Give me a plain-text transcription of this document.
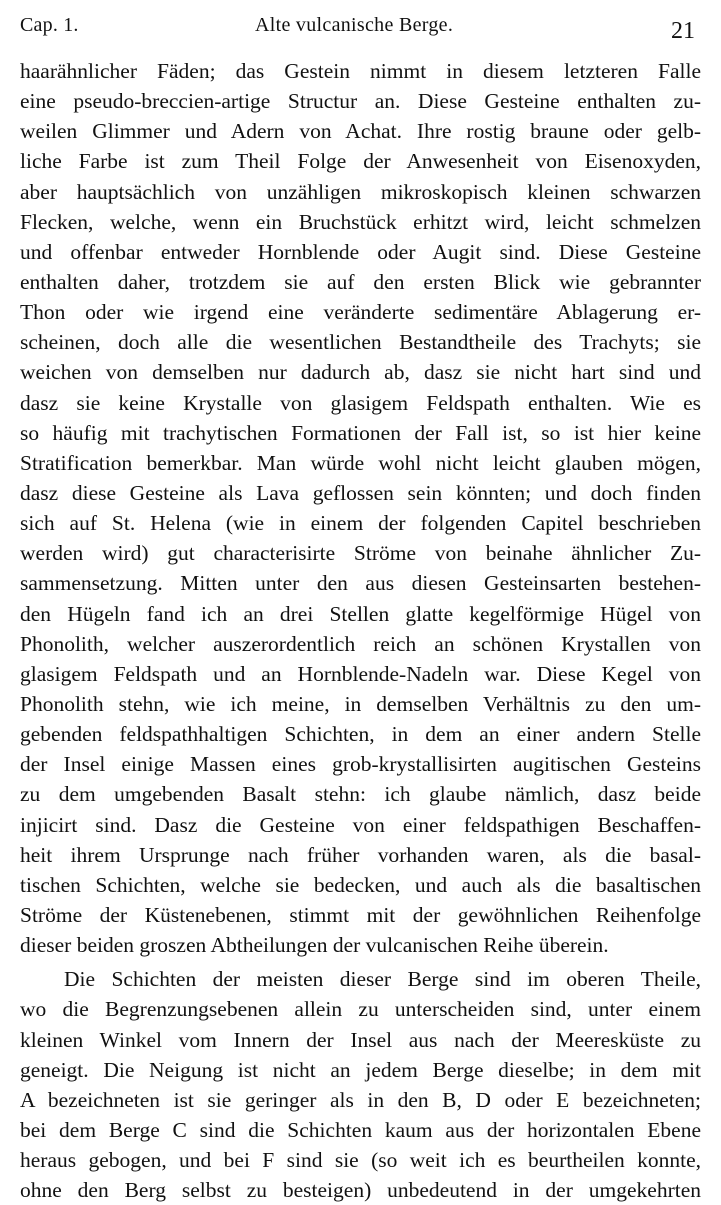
Cap. 1.	Alte vulcanische Berge.	21
haarähnlicher Fäden; das Gestein nimmt in diesem letzteren Falle
eine pseudo-breccien-artige Structur an. Diese Gesteine enthalten zu-
weilen Glimmer und Adern von Achat. Ihre rostig braune oder gelb-
liche Farbe ist zum Theil Folge der Anwesenheit von Eisenoxyden,
aber hauptsächlich von unzähligen mikroskopisch kleinen schwarzen
Flecken, welche, wenn ein Bruchstück erhitzt wird, leicht schmelzen
und offenbar entweder Hornblende oder Augit sind. Diese Gesteine
enthalten daher, trotzdem sie auf den ersten Blick wie gebrannter
Thon oder wie irgend eine veränderte sedimentäre Ablagerung er-
scheinen, doch alle die wesentlichen Bestandtheile des Trachyts; sie
weichen von demselben nur dadurch ab, dasz sie nicht hart sind und
dasz sie keine Krystalle von glasigem Feldspath enthalten. Wie es
so häufig mit trachytischen Formationen der Fall ist, so ist hier keine
Stratification bemerkbar. Man würde wohl nicht leicht glauben mögen,
dasz diese Gesteine als Lava geflossen sein könnten; und doch finden
sich auf St. Helena (wie in einem der folgenden Capitel beschrieben
werden wird) gut characterisirte Ströme von beinahe ähnlicher Zu-
sammensetzung. Mitten unter den aus diesen Gesteinsarten bestehen-
den Hügeln fand ich an drei Stellen glatte kegelförmige Hügel von
Phonolith, welcher auszerordentlich reich an schönen Krystallen von
glasigem Feldspath und an Hornblende-Nadeln war. Diese Kegel von
Phonolith stehn, wie ich meine, in demselben Verhältnis zu den um-
gebenden feldspathhaltigen Schichten, in dem an einer andern Stelle
der Insel einige Massen eines grob-krystallisirten augitischen Gesteins
zu dem umgebenden Basalt stehn: ich glaube nämlich, dasz beide
injicirt sind. Dasz die Gesteine von einer feldspathigen Beschaffen-
heit ihrem Ursprunge nach früher vorhanden waren, als die basal-
tischen Schichten, welche sie bedecken, und auch als die basaltischen
Ströme der Küstenebenen, stimmt mit der gewöhnlichen Reihenfolge
dieser beiden groszen Abtheilungen der vulcanischen Reihe überein.
Die Schichten der meisten dieser Berge sind im oberen Theile,
wo die Begrenzungsebenen allein zu unterscheiden sind, unter einem
kleinen Winkel vom Innern der Insel aus nach der Meeresküste zu
geneigt. Die Neigung ist nicht an jedem Berge dieselbe; in dem mit
A bezeichneten ist sie geringer als in den B, D oder E bezeichneten;
bei dem Berge C sind die Schichten kaum aus der horizontalen Ebene
heraus gebogen, und bei F sind sie (so weit ich es beurtheilen konnte,
ohne den Berg selbst zu besteigen) unbedeutend in der umgekehrten
